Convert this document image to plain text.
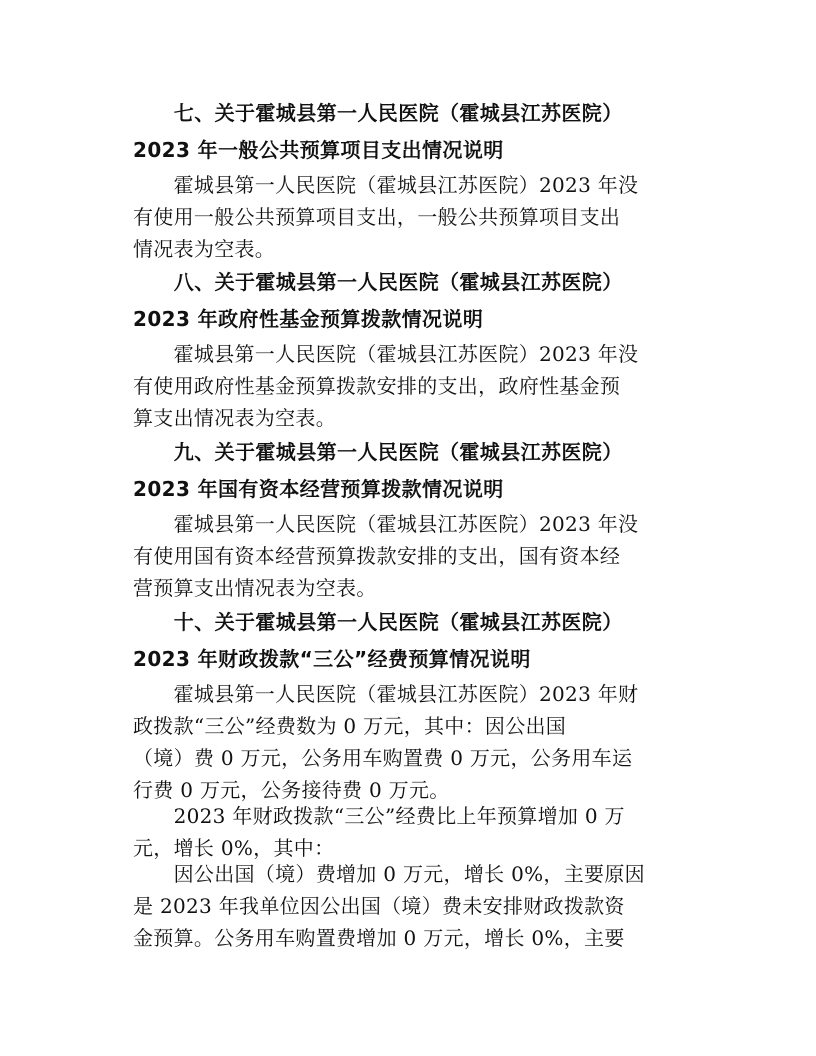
　　七、关于霍城县第一人民医院（霍城县江苏医院）
2023 年一般公共预算项目支出情况说明
　　霍城县第一人民医院（霍城县江苏医院）2023 年没
有使用一般公共预算项目支出，一般公共预算项目支出
情况表为空表。
　　八、关于霍城县第一人民医院（霍城县江苏医院）
2023 年政府性基金预算拨款情况说明
　　霍城县第一人民医院（霍城县江苏医院）2023 年没
有使用政府性基金预算拨款安排的支出，政府性基金预
算支出情况表为空表。
　　九、关于霍城县第一人民医院（霍城县江苏医院）
2023 年国有资本经营预算拨款情况说明
　　霍城县第一人民医院（霍城县江苏医院）2023 年没
有使用国有资本经营预算拨款安排的支出，国有资本经
营预算支出情况表为空表。
　　十、关于霍城县第一人民医院（霍城县江苏医院）
2023 年财政拨款“三公”经费预算情况说明
　　霍城县第一人民医院（霍城县江苏医院）2023 年财
政拨款“三公”经费数为 0 万元，其中：因公出国
（境）费 0 万元，公务用车购置费 0 万元，公务用车运
行费 0 万元，公务接待费 0 万元。
　　2023 年财政拨款“三公”经费比上年预算增加 0 万
元，增长 0%，其中：
　　因公出国（境）费增加 0 万元，增长 0%，主要原因
是 2023 年我单位因公出国（境）费未安排财政拨款资
金预算。公务用车购置费增加 0 万元，增长 0%，主要
